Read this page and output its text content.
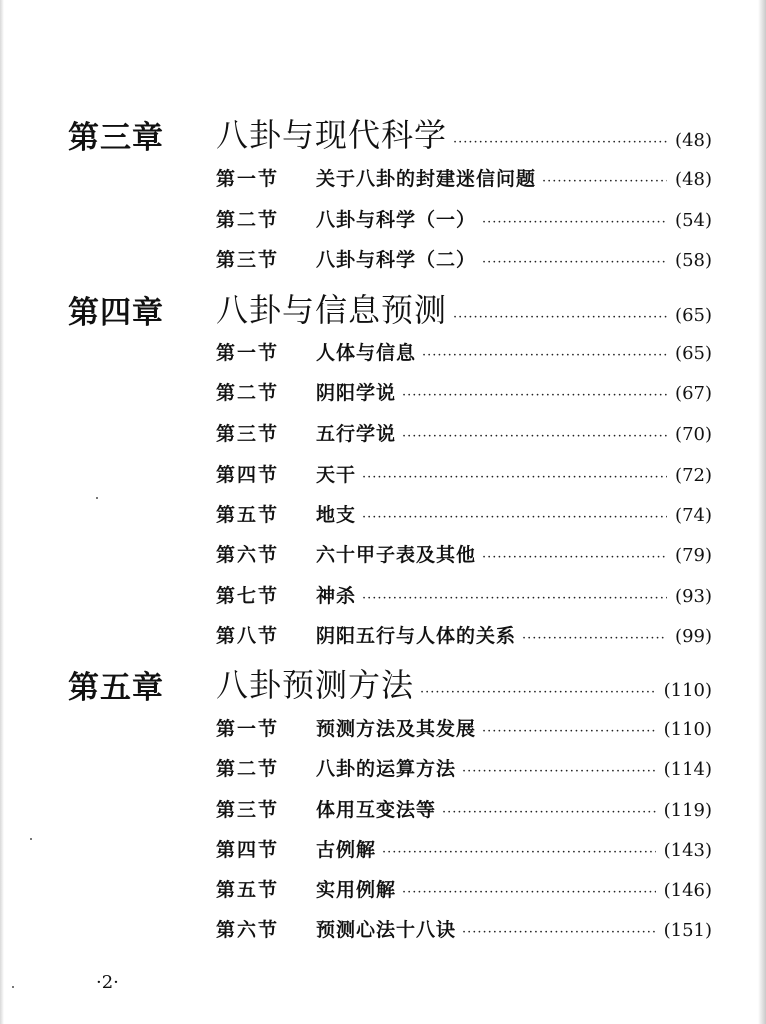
第三章 八卦与现代科学 ·····	(48)
第一节	关于八卦的封建迷信问题 ·····	(48)
第二节	八卦与科学（一） ·····	(54)
第三节	八卦与科学（二） ·····	(58)
第四章 八卦与信息预测 ·····	(65)
第一节	人体与信息 ·····	(65)
第二节	阴阳学说 ·····	(67)
第三节	五行学说 ·····	(70)
第四节	天干 ·····	(72)
第五节	地支 ·····	(74)
第六节	六十甲子表及其他 ·····	(79)
第七节	神杀 ·····	(93)
第八节	阴阳五行与人体的关系 ·····	(99)
第五章 八卦预测方法 ·····	(110)
第一节	预测方法及其发展 ·····	(110)
第二节	八卦的运算方法 ·····	(114)
第三节	体用互变法等 ·····	(119)
第四节	古例解 ·····	(143)
第五节	实用例解 ·····	(146)
第六节	预测心法十八诀 ·····	(151)
·2·
